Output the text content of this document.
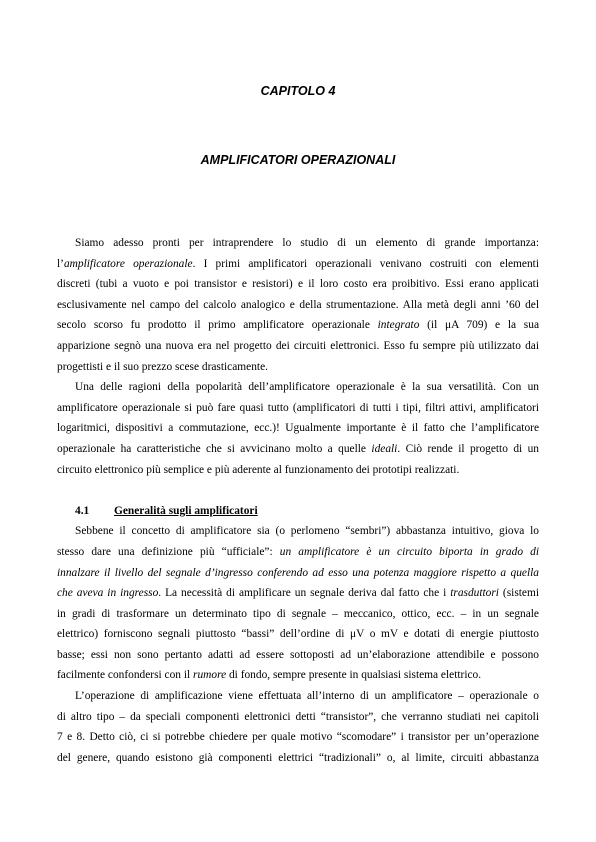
CAPITOLO 4
AMPLIFICATORI OPERAZIONALI
Siamo adesso pronti per intraprendere lo studio di un elemento di grande importanza:
l’amplificatore operazionale. I primi amplificatori operazionali venivano costruiti con elementi
discreti (tubi a vuoto e poi transistor e resistori) e il loro costo era proibitivo. Essi erano applicati
esclusivamente nel campo del calcolo analogico e della strumentazione. Alla metà degli anni ’60 del
secolo scorso fu prodotto il primo amplificatore operazionale integrato (il μA 709) e la sua
apparizione segnò una nuova era nel progetto dei circuiti elettronici. Esso fu sempre più utilizzato dai
progettisti e il suo prezzo scese drasticamente.
Una delle ragioni della popolarità dell’amplificatore operazionale è la sua versatilità. Con un
amplificatore operazionale si può fare quasi tutto (amplificatori di tutti i tipi, filtri attivi, amplificatori
logaritmici, dispositivi a commutazione, ecc.)! Ugualmente importante è il fatto che l’amplificatore
operazionale ha caratteristiche che si avvicinano molto a quelle ideali. Ciò rende il progetto di un
circuito elettronico più semplice e più aderente al funzionamento dei prototipi realizzati.
4.1 Generalità sugli amplificatori
Sebbene il concetto di amplificatore sia (o perlomeno “sembri”) abbastanza intuitivo, giova lo
stesso dare una definizione più “ufficiale”: un amplificatore è un circuito biporta in grado di
innalzare il livello del segnale d’ingresso conferendo ad esso una potenza maggiore rispetto a quella
che aveva in ingresso. La necessità di amplificare un segnale deriva dal fatto che i trasduttori (sistemi
in gradi di trasformare un determinato tipo di segnale – meccanico, ottico, ecc. – in un segnale
elettrico) forniscono segnali piuttosto “bassi” dell’ordine di μV o mV e dotati di energie piuttosto
basse; essi non sono pertanto adatti ad essere sottoposti ad un’elaborazione attendibile e possono
facilmente confondersi con il rumore di fondo, sempre presente in qualsiasi sistema elettrico.
L’operazione di amplificazione viene effettuata all’interno di un amplificatore – operazionale o
di altro tipo – da speciali componenti elettronici detti “transistor”, che verranno studiati nei capitoli
7 e 8. Detto ciò, ci si potrebbe chiedere per quale motivo “scomodare” i transistor per un’operazione
del genere, quando esistono già componenti elettrici “tradizionali” o, al limite, circuiti abbastanza
